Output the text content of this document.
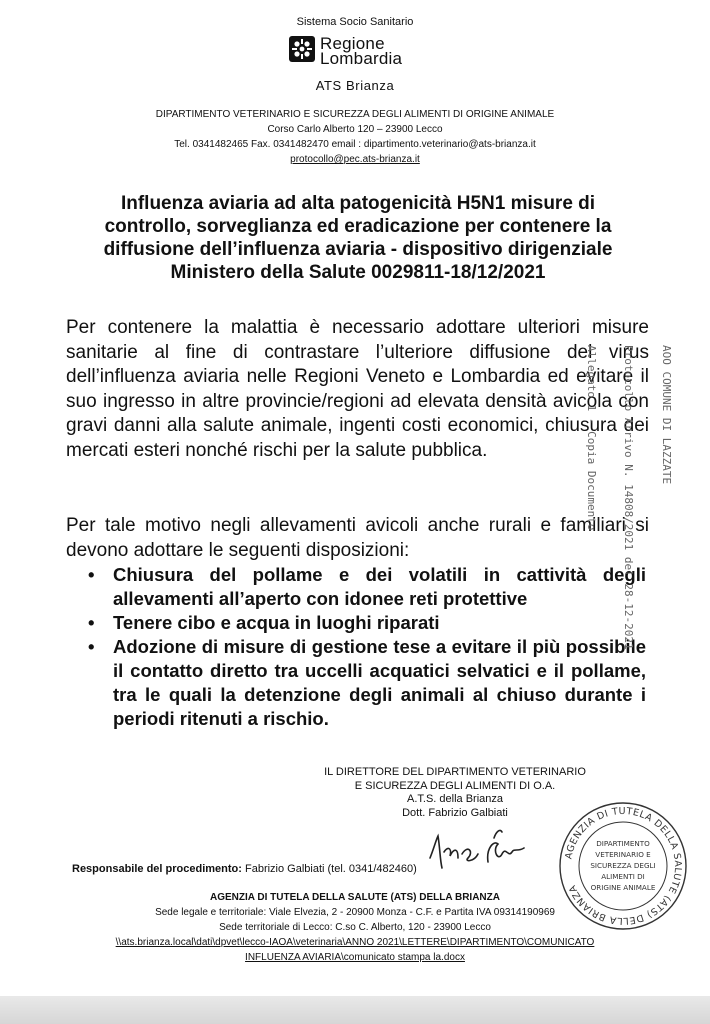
Sistema Socio Sanitario
Regione
Lombardia
ATS Brianza
DIPARTIMENTO VETERINARIO E SICUREZZA DEGLI ALIMENTI DI ORIGINE ANIMALE
Corso Carlo Alberto 120 – 23900 Lecco
Tel. 0341482465 Fax. 0341482470 email : dipartimento.veterinario@ats-brianza.it
protocollo@pec.ats-brianza.it
Influenza aviaria ad alta patogenicità H5N1 misure di controllo, sorveglianza ed eradicazione per contenere la diffusione dell’influenza aviaria - dispositivo dirigenziale Ministero della Salute 0029811-18/12/2021
Per contenere la malattia è necessario adottare ulteriori misure sanitarie al fine di contrastare l’ulteriore diffusione del virus dell’influenza aviaria nelle Regioni Veneto e Lombardia ed evitare il suo ingresso in altre provincie/regioni ad elevata densità avicola con gravi danni alla salute animale, ingenti costi economici, chiusura dei mercati esteri nonché rischi per la salute pubblica.
Per tale motivo negli allevamenti avicoli anche rurali e familiari si devono adottare le seguenti disposizioni:
• Chiusura del pollame e dei volatili in cattività degli allevamenti all’aperto con idonee reti protettive
• Tenere cibo e acqua in luoghi riparati
• Adozione di misure di gestione tese a evitare il più possibile il contatto diretto tra uccelli acquatici selvatici e il pollame, tra le quali la detenzione degli animali al chiuso durante i periodi ritenuti a rischio.
IL DIRETTORE DEL DIPARTIMENTO VETERINARIO
E SICUREZZA DEGLI ALIMENTI DI O.A.
A.T.S. della Brianza
Dott. Fabrizio Galbiati
Responsabile del procedimento: Fabrizio Galbiati (tel. 0341/482460)
AGENZIA DI TUTELA DELLA SALUTE (ATS) DELLA BRIANZA
Sede legale e territoriale: Viale Elvezia, 2 - 20900 Monza - C.F. e Partita IVA 09314190969
Sede territoriale di Lecco: C.so C. Alberto, 120 - 23900 Lecco
\\ats.brianza.local\dati\dpvet\lecco-IAOA\veterinaria\ANNO 2021\LETTERE\DIPARTIMENTO\COMUNICATO
INFLUENZA AVIARIA\comunicato stampa la.docx
AGENZIA DI TUTELA DELLA SALUTE (ATS) DELLA BRIANZA
DIPARTIMENTO
VETERINARIO E
SICUREZZA DEGLI
ALIMENTI DI
ORIGINE ANIMALE

AOO COMUNE DI LAZZATE

Protocollo Arrivo N. 14808/2021 del 28-12-2021

Allegato 1 - Copia Documento
